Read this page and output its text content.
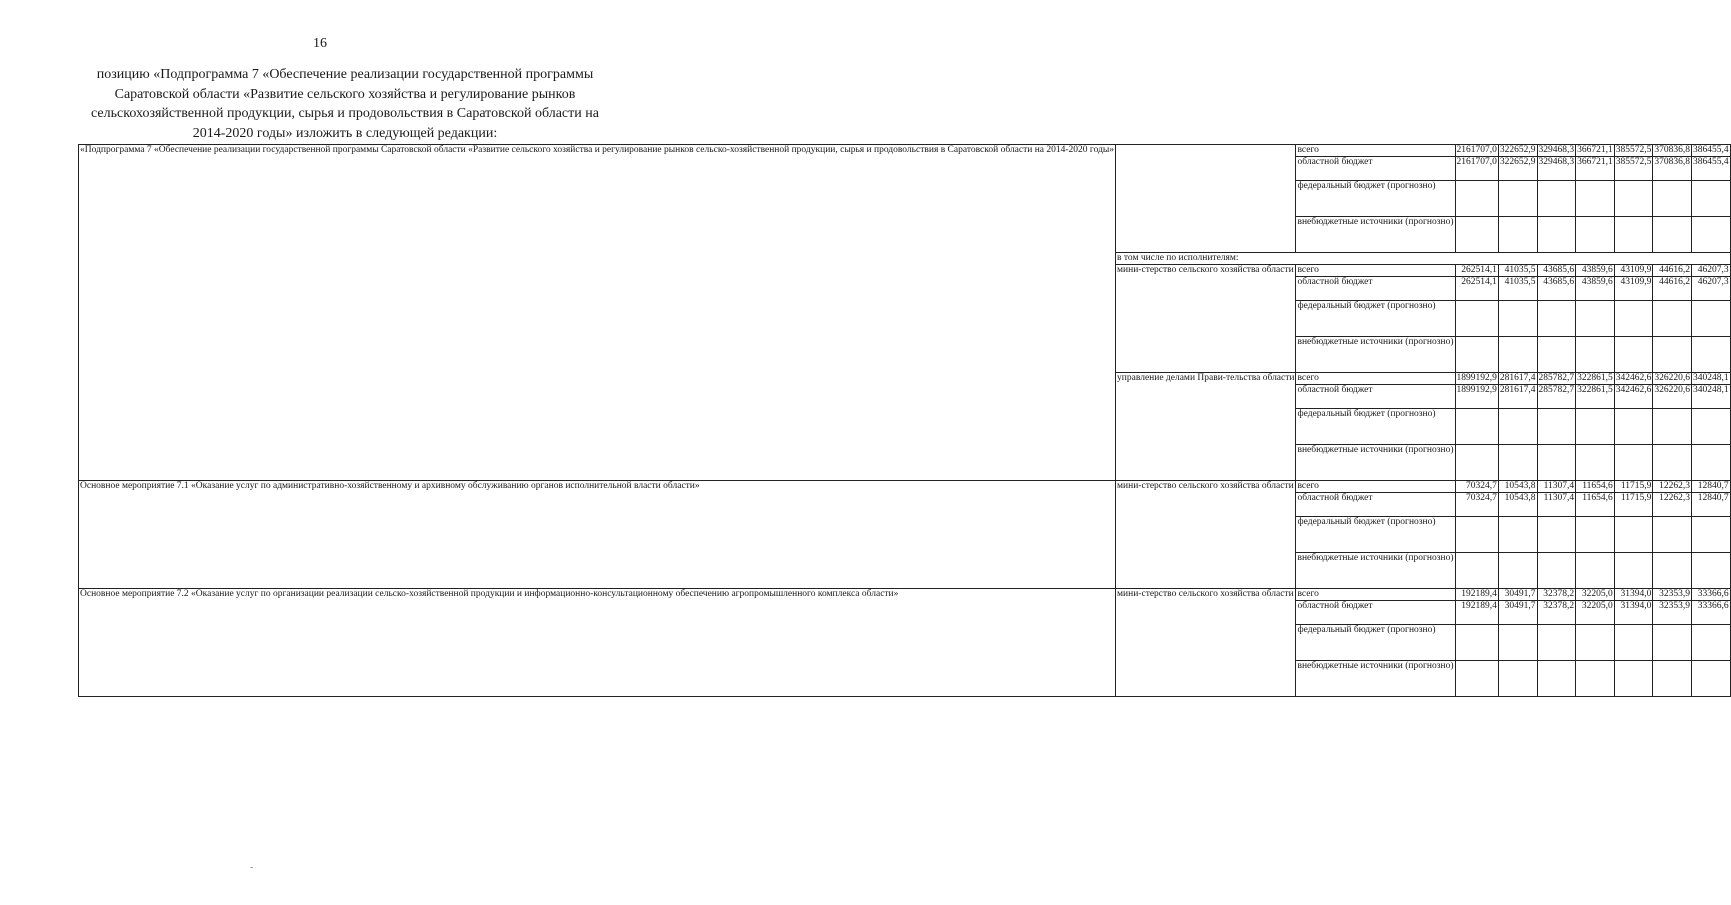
16
позицию «Подпрограмма 7 «Обеспечение реализации государственной программы Саратовской области «Развитие сельского хозяйства и регулирование рынков сельскохозяйственной продукции, сырья и продовольствия в Саратовской области на 2014-2020 годы» изложить в следующей редакции:
«Подпрограмма 7 «Обеспечение реализации государственной программы Саратовской области «Развитие сельского хозяйства и регулирование рынков сельско-хозяйственной продукции, сырья и продовольствия в Саратовской области на 2014-2020 годы»		всего	2161707,0	322652,9	329468,3	366721,1	385572,5	370836,8	386455,4
		областной бюджет	2161707,0	322652,9	329468,3	366721,1	385572,5	370836,8	386455,4
		федеральный бюджет (прогнозно)							
		внебюджетные источники (прогнозно)							
	в том числе по исполнителям:								
	мини-стерство сельского хозяйства области	всего	262514,1	41035,5	43685,6	43859,6	43109,9	44616,2	46207,3
		областной бюджет	262514,1	41035,5	43685,6	43859,6	43109,9	44616,2	46207,3
		федеральный бюджет (прогнозно)							
		внебюджетные источники (прогнозно)							
	управление делами Прави-тельства области	всего	1899192,9	281617,4	285782,7	322861,5	342462,6	326220,6	340248,1
		областной бюджет	1899192,9	281617,4	285782,7	322861,5	342462,6	326220,6	340248,1
		федеральный бюджет (прогнозно)							
		внебюджетные источники (прогнозно)							
Основное мероприятие 7.1 «Оказание услуг по административно-хозяйственному и архивному обслуживанию органов исполнительной власти области»	мини-стерство сельского хозяйства области	всего	70324,7	10543,8	11307,4	11654,6	11715,9	12262,3	12840,7
		областной бюджет	70324,7	10543,8	11307,4	11654,6	11715,9	12262,3	12840,7
		федеральный бюджет (прогнозно)							
		внебюджетные источники (прогнозно)							
Основное мероприятие 7.2 «Оказание услуг по организации реализации сельско-хозяйственной продукции и информационно-консультационному обеспечению агропромышленного комплекса области»	мини-стерство сельского хозяйства области	всего	192189,4	30491,7	32378,2	32205,0	31394,0	32353,9	33366,6
		областной бюджет	192189,4	30491,7	32378,2	32205,0	31394,0	32353,9	33366,6
		федеральный бюджет (прогнозно)							
		внебюджетные источники (прогнозно)							
-
